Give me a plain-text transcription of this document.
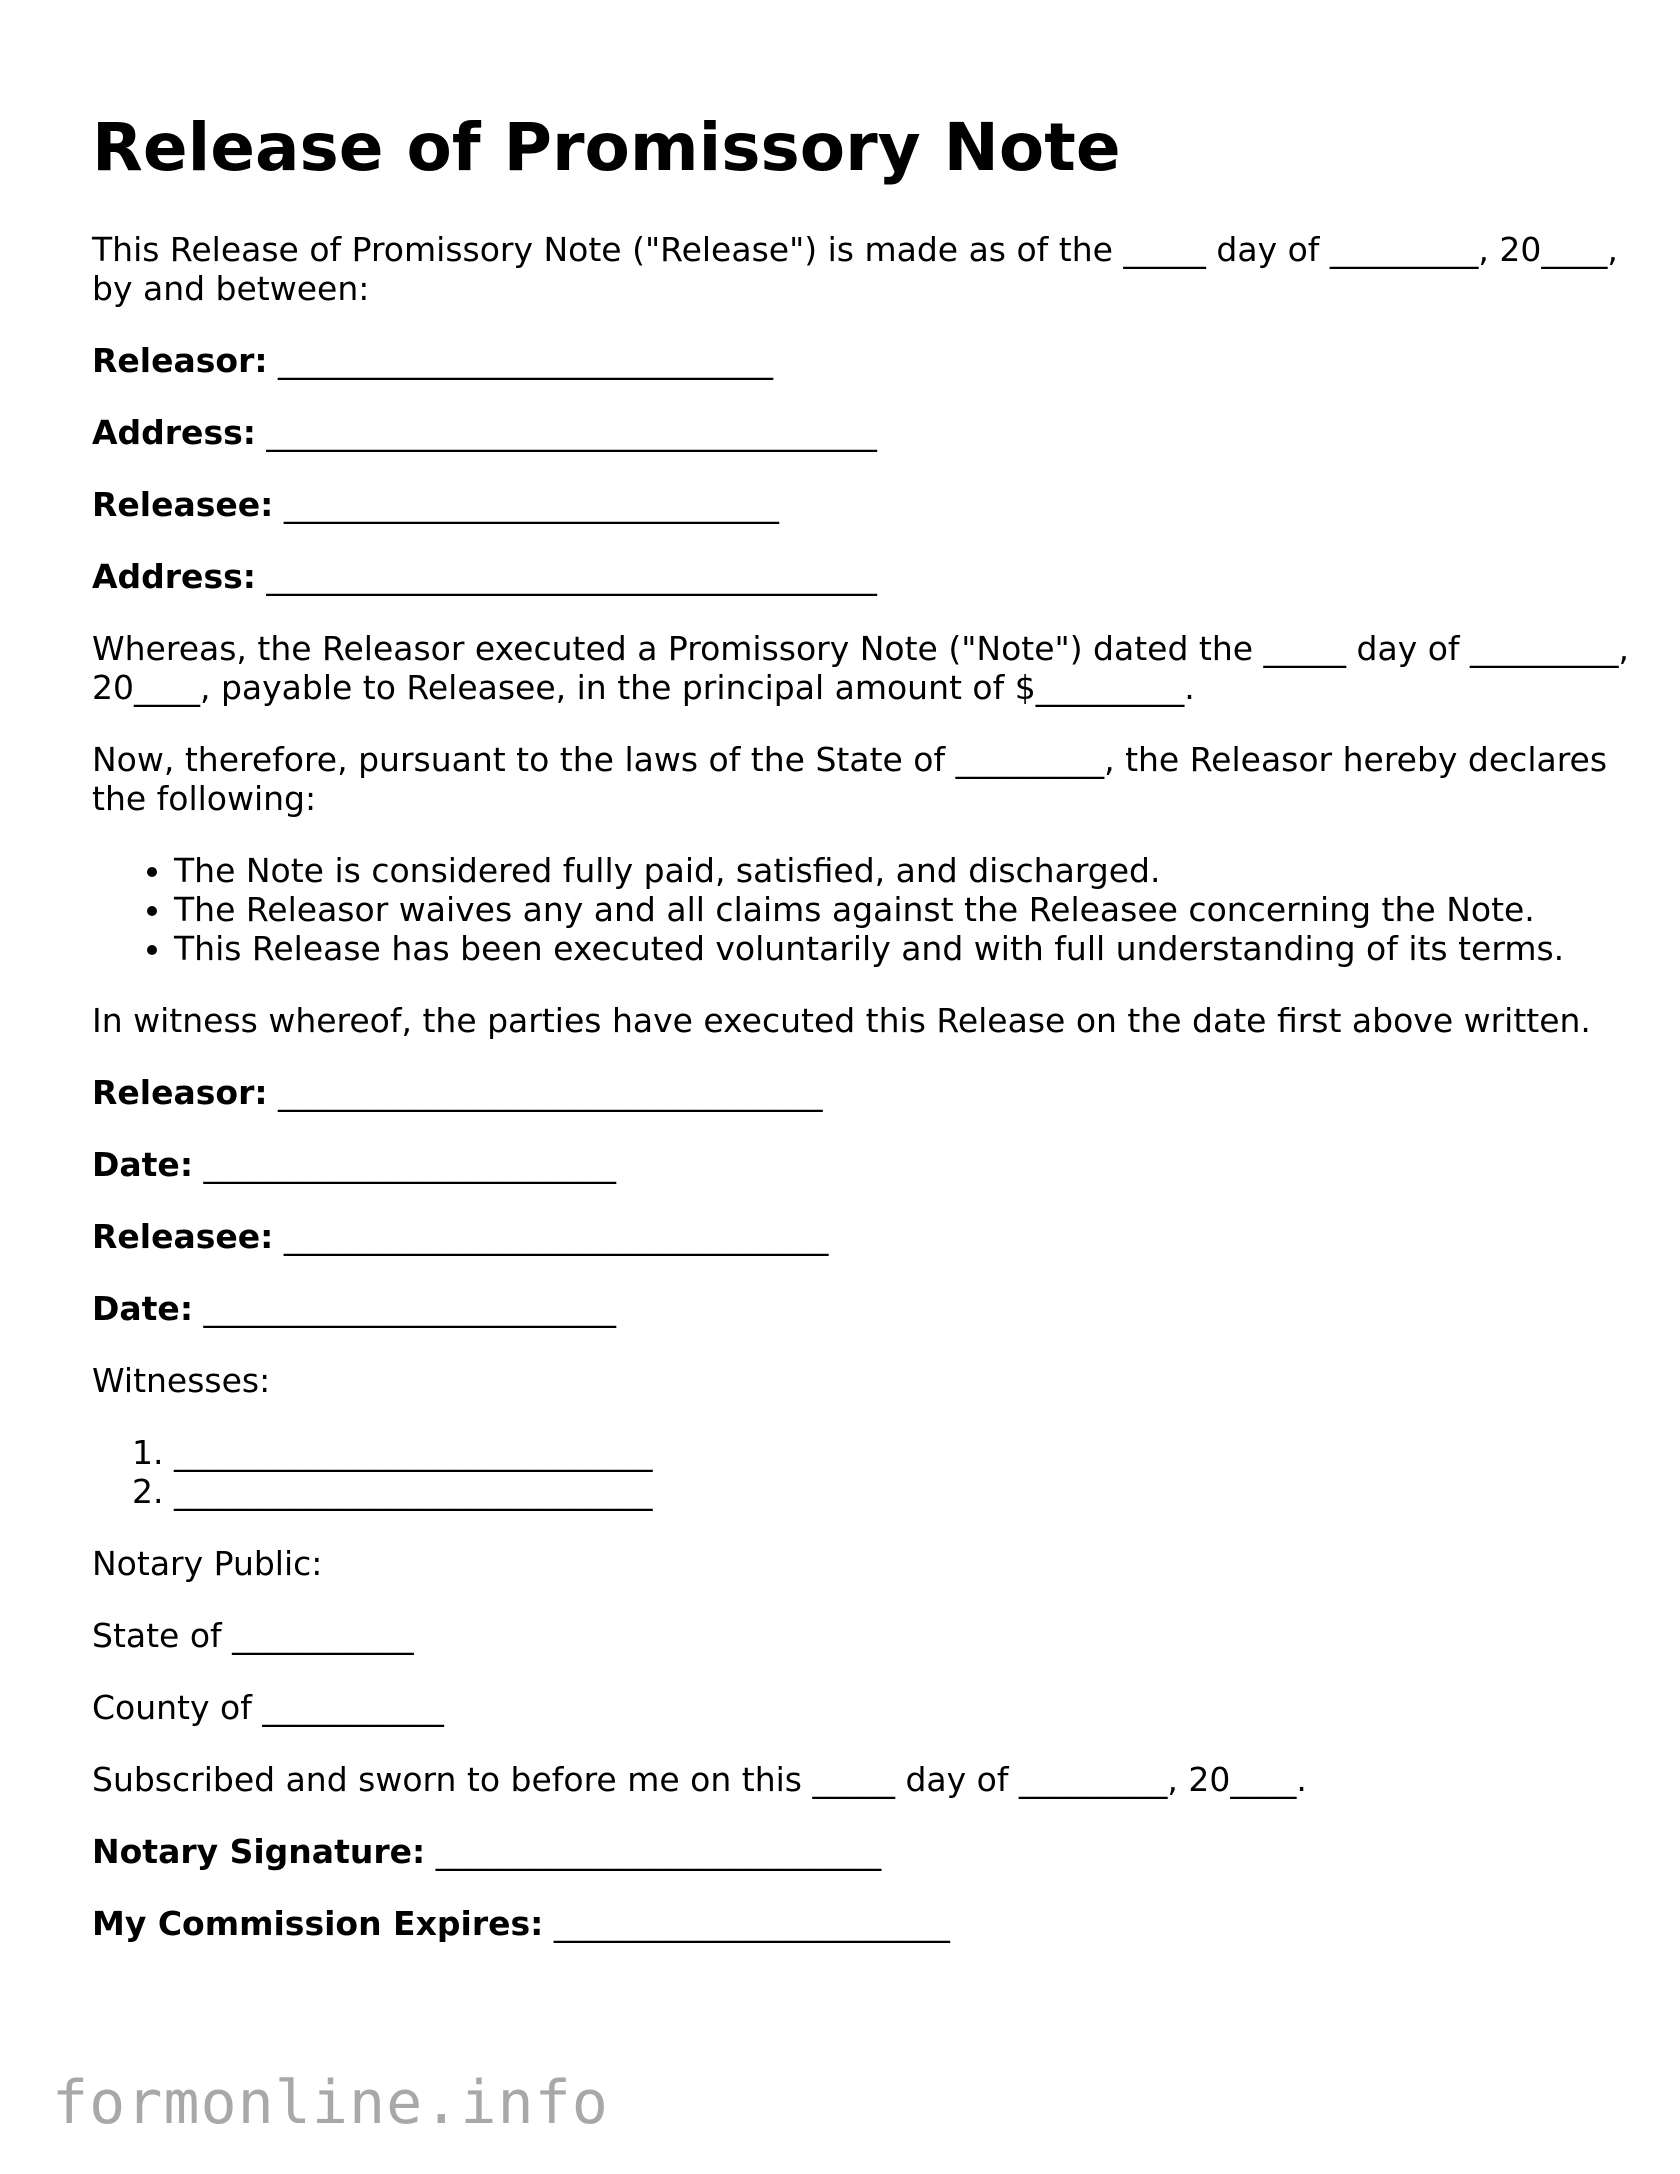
Release of Promissory Note

This Release of Promissory Note ("Release") is made as of the _____ day of _________, 20____, by and between:

Releasor: ______________________________

Address: _____________________________________

Releasee: ______________________________

Address: _____________________________________

Whereas, the Releasor executed a Promissory Note ("Note") dated the _____ day of _________, 20____, payable to Releasee, in the principal amount of $_________.

Now, therefore, pursuant to the laws of the State of _________, the Releasor hereby declares the following:

• The Note is considered fully paid, satisfied, and discharged.
• The Releasor waives any and all claims against the Releasee concerning the Note.
• This Release has been executed voluntarily and with full understanding of its terms.

In witness whereof, the parties have executed this Release on the date first above written.

Releasor: _________________________________

Date: _________________________

Releasee: _________________________________

Date: _________________________

Witnesses:

1. _____________________________
2. _____________________________

Notary Public:

State of ___________

County of ___________

Subscribed and sworn to before me on this _____ day of _________, 20____.

Notary Signature: ___________________________

My Commission Expires: ________________________

formonline.info
